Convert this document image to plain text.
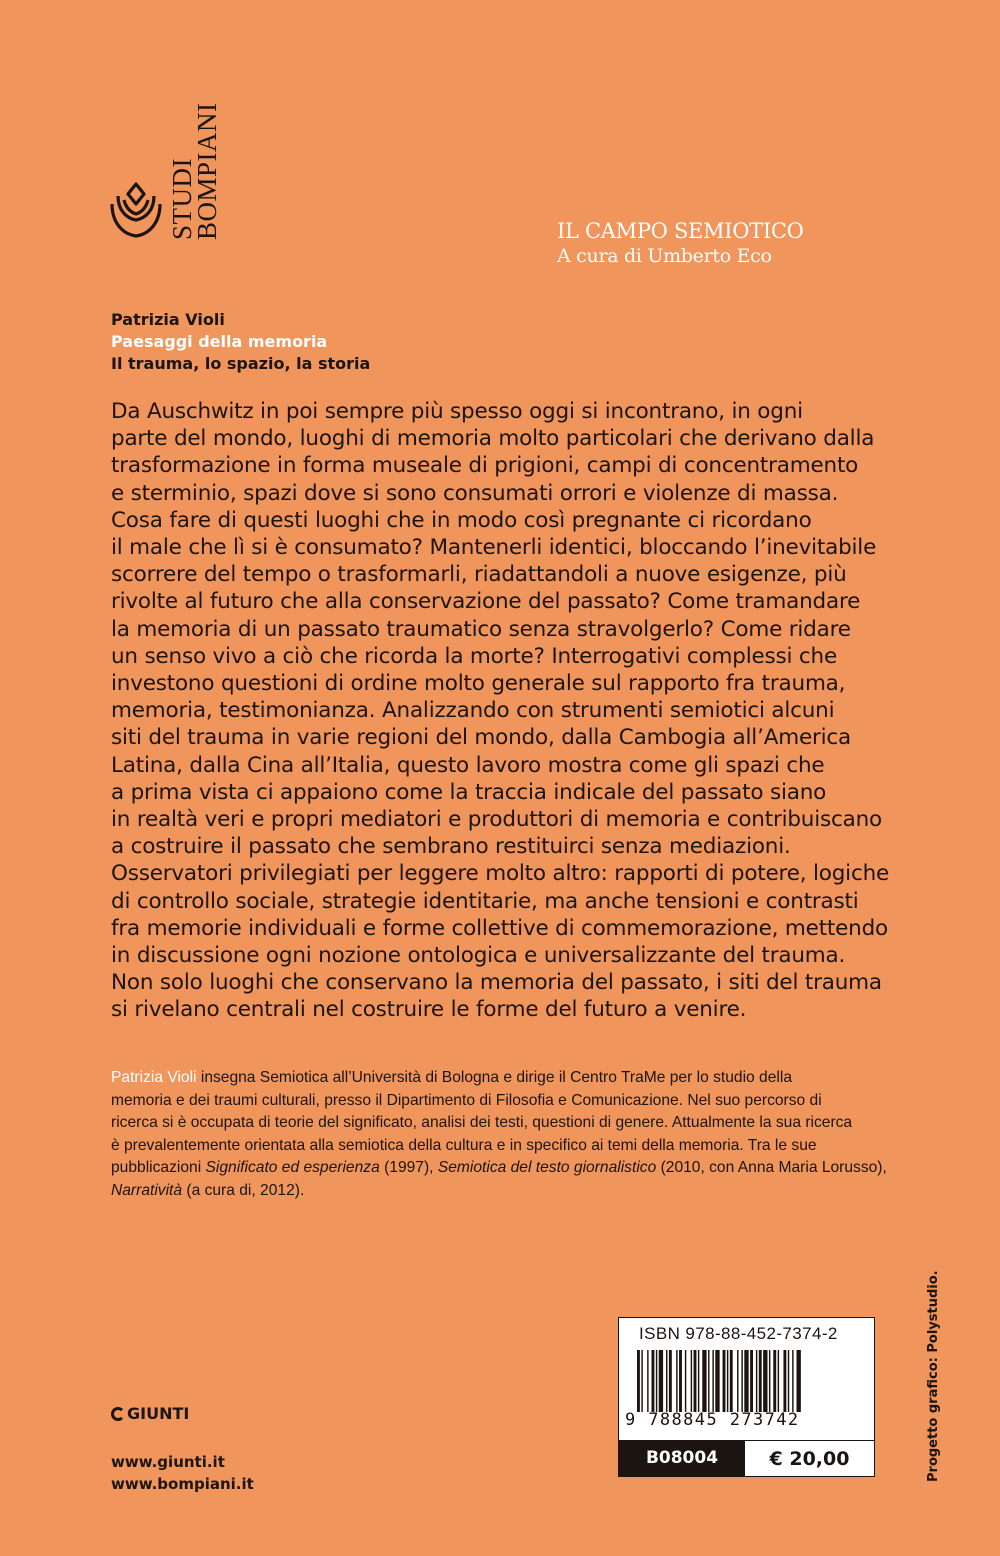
STUDI
BOMPIANI	IL CAMPO SEMIOTICO
A cura di Umberto Eco
Patrizia Violi
Paesaggi della memoria
Il trauma, lo spazio, la storia
Da Auschwitz in poi sempre più spesso oggi si incontrano, in ogni
parte del mondo, luoghi di memoria molto particolari che derivano dalla
trasformazione in forma museale di prigioni, campi di concentramento
e sterminio, spazi dove si sono consumati orrori e violenze di massa.
Cosa fare di questi luoghi che in modo così pregnante ci ricordano
il male che lì si è consumato? Mantenerli identici, bloccando l’inevitabile
scorrere del tempo o trasformarli, riadattandoli a nuove esigenze, più
rivolte al futuro che alla conservazione del passato? Come tramandare
la memoria di un passato traumatico senza stravolgerlo? Come ridare
un senso vivo a ciò che ricorda la morte? Interrogativi complessi che
investono questioni di ordine molto generale sul rapporto fra trauma,
memoria, testimonianza. Analizzando con strumenti semiotici alcuni
siti del trauma in varie regioni del mondo, dalla Cambogia all’America
Latina, dalla Cina all’Italia, questo lavoro mostra come gli spazi che
a prima vista ci appaiono come la traccia indicale del passato siano
in realtà veri e propri mediatori e produttori di memoria e contribuiscano
a costruire il passato che sembrano restituirci senza mediazioni.
Osservatori privilegiati per leggere molto altro: rapporti di potere, logiche
di controllo sociale, strategie identitarie, ma anche tensioni e contrasti
fra memorie individuali e forme collettive di commemorazione, mettendo
in discussione ogni nozione ontologica e universalizzante del trauma.
Non solo luoghi che conservano la memoria del passato, i siti del trauma
si rivelano centrali nel costruire le forme del futuro a venire.
Patrizia Violi insegna Semiotica all’Università di Bologna e dirige il Centro TraMe per lo studio della
memoria e dei traumi culturali, presso il Dipartimento di Filosofia e Comunicazione. Nel suo percorso di
ricerca si è occupata di teorie del significato, analisi dei testi, questioni di genere. Attualmente la sua ricerca
è prevalentemente orientata alla semiotica della cultura e in specifico ai temi della memoria. Tra le sue
pubblicazioni Significato ed esperienza (1997), Semiotica del testo giornalistico (2010, con Anna Maria Lorusso),
Narratività (a cura di, 2012).
GIUNTI
www.giunti.it
www.bompiani.it
ISBN 978-88-452-7374-2
9 788845 273742
B08004	€ 20,00	Progetto grafico: Polystudio.
